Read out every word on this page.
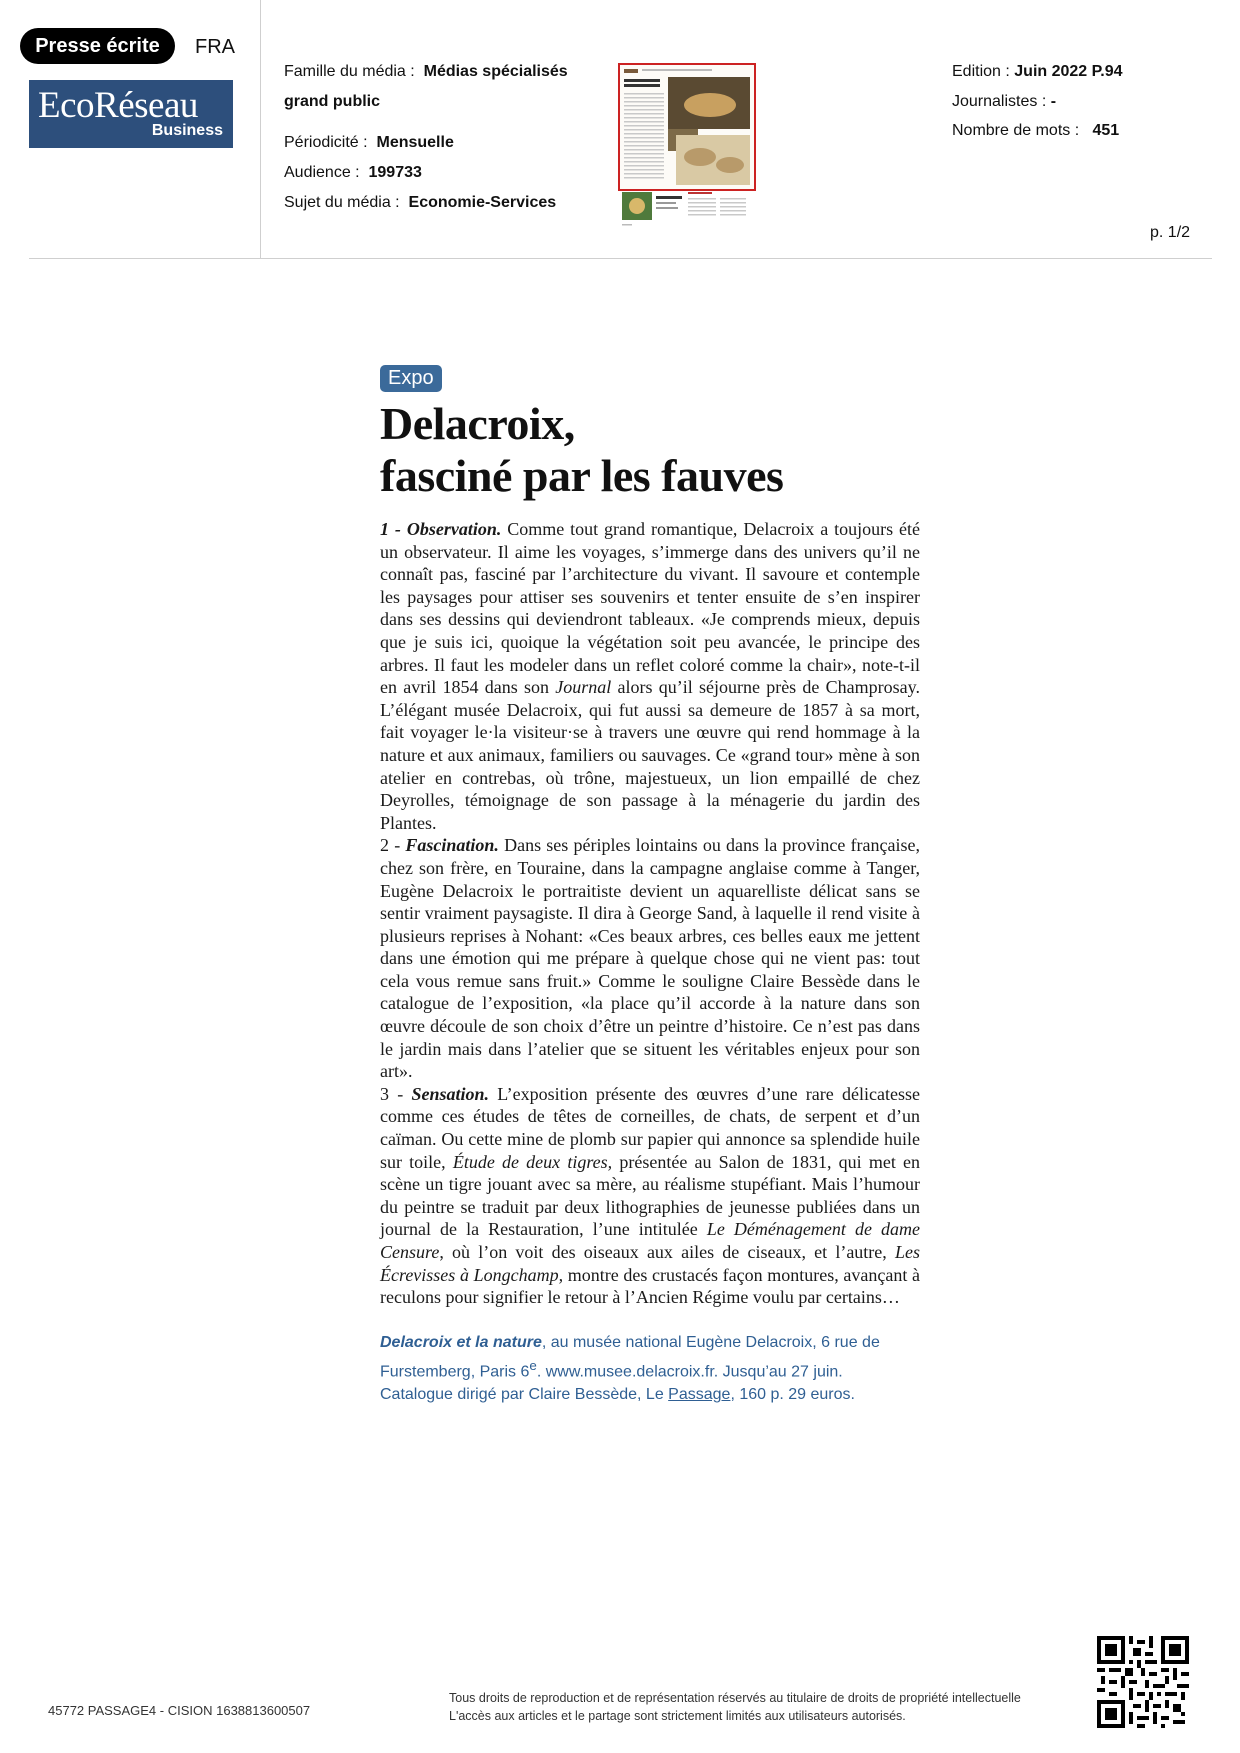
Presse écrite	FRA
EcoRéseau
Business
Famille du média : Médias spécialisés
grand public
Périodicité : Mensuelle
Audience : 199733
Sujet du média : Economie-Services
Edition : Juin 2022 P.94
Journalistes : -
Nombre de mots : 451
p. 1/2
Expo
Delacroix,
fasciné par les fauves

1 - Observation. Comme tout grand romantique, Delacroix a toujours été un observateur. Il aime les voyages, s’immerge dans des univers qu’il ne connaît pas, fasciné par l’architecture du vivant. Il savoure et contemple les paysages pour attiser ses souvenirs et tenter ensuite de s’en inspirer dans ses dessins qui deviendront tableaux. «Je comprends mieux, depuis que je suis ici, quoique la végétation soit peu avancée, le principe des arbres. Il faut les modeler dans un reflet coloré comme la chair», note-t-il en avril 1854 dans son Journal alors qu’il séjourne près de Champrosay. L’élégant musée Delacroix, qui fut aussi sa demeure de 1857 à sa mort, fait voyager le·la visiteur·se à travers une œuvre qui rend hommage à la nature et aux animaux, familiers ou sauvages. Ce «grand tour» mène à son atelier en contrebas, où trône, majestueux, un lion empaillé de chez Deyrolles, témoignage de son passage à la ménagerie du jardin des Plantes.

2 - Fascination. Dans ses périples lointains ou dans la province française, chez son frère, en Touraine, dans la campagne anglaise comme à Tanger, Eugène Delacroix le portraitiste devient un aquarelliste délicat sans se sentir vraiment paysagiste. Il dira à George Sand, à laquelle il rend visite à plusieurs reprises à Nohant: «Ces beaux arbres, ces belles eaux me jettent dans une émotion qui me prépare à quelque chose qui ne vient pas: tout cela vous remue sans fruit.» Comme le souligne Claire Bessède dans le catalogue de l’exposition, «la place qu’il accorde à la nature dans son œuvre découle de son choix d’être un peintre d’histoire. Ce n’est pas dans le jardin mais dans l’atelier que se situent les véritables enjeux pour son art».

3 - Sensation. L’exposition présente des œuvres d’une rare délicatesse comme ces études de têtes de corneilles, de chats, de serpent et d’un caïman. Ou cette mine de plomb sur papier qui annonce sa splendide huile sur toile, Étude de deux tigres, présentée au Salon de 1831, qui met en scène un tigre jouant avec sa mère, au réalisme stupéfiant. Mais l’humour du peintre se traduit par deux lithographies de jeunesse publiées dans un journal de la Restauration, l’une intitulée Le Déménagement de dame Censure, où l’on voit des oiseaux aux ailes de ciseaux, et l’autre, Les Écrevisses à Longchamp, montre des crustacés façon montures, avançant à reculons pour signifier le retour à l’Ancien Régime voulu par certains…

Delacroix et la nature, au musée national Eugène Delacroix, 6 rue de Furstemberg, Paris 6e. www.musee.delacroix.fr. Jusqu’au 27 juin. Catalogue dirigé par Claire Bessède, Le Passage, 160 p. 29 euros.
45772 PASSAGE4 - CISION 1638813600507
Tous droits de reproduction et de représentation réservés au titulaire de droits de propriété intellectuelle
L'accès aux articles et le partage sont strictement limités aux utilisateurs autorisés.
